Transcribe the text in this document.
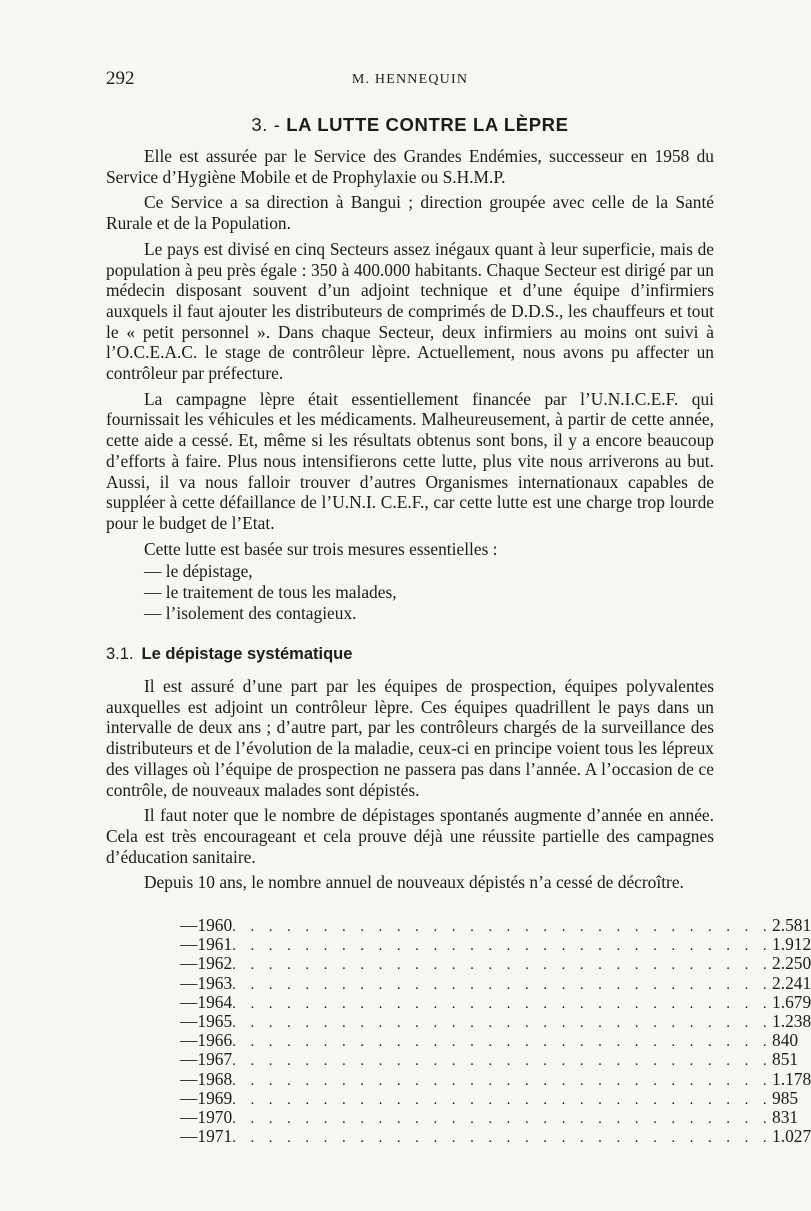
292	M. HENNEQUIN
3. - LA LUTTE CONTRE LA LÈPRE

Elle est assurée par le Service des Grandes Endémies, successeur en 1958 du Service d’Hygiène Mobile et de Prophylaxie ou S.H.M.P.

Ce Service a sa direction à Bangui ; direction groupée avec celle de la Santé Rurale et de la Population.

Le pays est divisé en cinq Secteurs assez inégaux quant à leur superficie, mais de population à peu près égale : 350 à 400.000 habitants. Chaque Secteur est dirigé par un médecin disposant souvent d’un adjoint technique et d’une équipe d’infirmiers auxquels il faut ajouter les distributeurs de comprimés de D.D.S., les chauffeurs et tout le « petit personnel ». Dans chaque Secteur, deux infirmiers au moins ont suivi à l’O.C.E.A.C. le stage de contrôleur lèpre. Actuellement, nous avons pu affecter un contrôleur par préfecture.

La campagne lèpre était essentiellement financée par l’U.N.I.C.E.F. qui fournissait les véhicules et les médicaments. Malheureusement, à partir de cette année, cette aide a cessé. Et, même si les résultats obtenus sont bons, il y a encore beaucoup d’efforts à faire. Plus nous intensifierons cette lutte, plus vite nous arriverons au but. Aussi, il va nous falloir trouver d’autres Organismes internationaux capables de suppléer à cette défaillance de l’U.N.I. C.E.F., car cette lutte est une charge trop lourde pour le budget de l’Etat.

Cette lutte est basée sur trois mesures essentielles :

— le dépistage,
— le traitement de tous les malades,
— l’isolement des contagieux.
3.1. Le dépistage systématique

Il est assuré d’une part par les équipes de prospection, équipes polyvalentes auxquelles est adjoint un contrôleur lèpre. Ces équipes quadrillent le pays dans un intervalle de deux ans ; d’autre part, par les contrôleurs chargés de la surveillance des distributeurs et de l’évolution de la maladie, ceux-ci en principe voient tous les lépreux des villages où l’équipe de prospection ne passera pas dans l’année. A l’occasion de ce contrôle, de nouveaux malades sont dépistés.

Il faut noter que le nombre de dépistages spontanés augmente d’année en année. Cela est très encourageant et cela prouve déjà une réussite partielle des campagnes d’éducation sanitaire.

Depuis 10 ans, le nombre annuel de nouveaux dépistés n’a cessé de décroître.

— 1960 . . . . . . . . . . . . . . . . . . . . . . . . . . . . . . 2.581
— 1961 . . . . . . . . . . . . . . . . . . . . . . . . . . . . . . 1.912
— 1962 . . . . . . . . . . . . . . . . . . . . . . . . . . . . . . 2.250
— 1963 . . . . . . . . . . . . . . . . . . . . . . . . . . . . . . 2.241
— 1964 . . . . . . . . . . . . . . . . . . . . . . . . . . . . . . 1.679
— 1965 . . . . . . . . . . . . . . . . . . . . . . . . . . . . . . 1.238
— 1966 . . . . . . . . . . . . . . . . . . . . . . . . . . . . . . 840
— 1967 . . . . . . . . . . . . . . . . . . . . . . . . . . . . . . 851
— 1968 . . . . . . . . . . . . . . . . . . . . . . . . . . . . . . 1.178
— 1969 . . . . . . . . . . . . . . . . . . . . . . . . . . . . . . 985
— 1970 . . . . . . . . . . . . . . . . . . . . . . . . . . . . . . 831
— 1971 . . . . . . . . . . . . . . . . . . . . . . . . . . . . . . 1.027
